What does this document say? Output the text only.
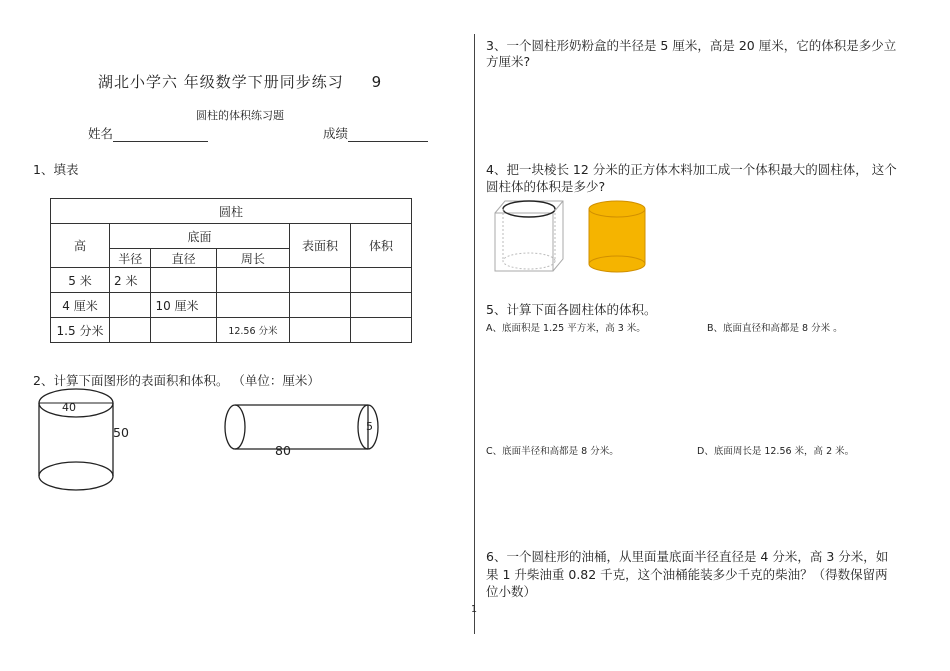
湖北小学六 年级数学下册同步练习 9
圆柱的体积练习题
姓名	成绩
1、填表
圆柱					
高	底面			表面积	体积
	半径	直径	周长		
5 米	2 米				
4 厘米		10 厘米			
1.5 分米			12.56 分米		
2、计算下面图形的表面积和体积。 （单位：厘米）
40
50	5
80
3、一个圆柱形奶粉盒的半径是 5 厘米，高是 20 厘米，它的体积是多少立
方厘米?
4、把一块棱长 12 分米的正方体木料加工成一个体积最大的圆柱体， 这个
圆柱体的体积是多少?
5、计算下面各圆柱体的体积。
A、底面积是 1.25 平方米，高 3 米。	B、底面直径和高都是 8 分米 。
C、底面半径和高都是 8 分米。	D、底面周长是 12.56 米，高 2 米。
6、一个圆柱形的油桶，从里面量底面半径直径是 4 分米，高 3 分米，如
果 1 升柴油重 0.82 千克，这个油桶能装多少千克的柴油？（得数保留两
位小数）
1
